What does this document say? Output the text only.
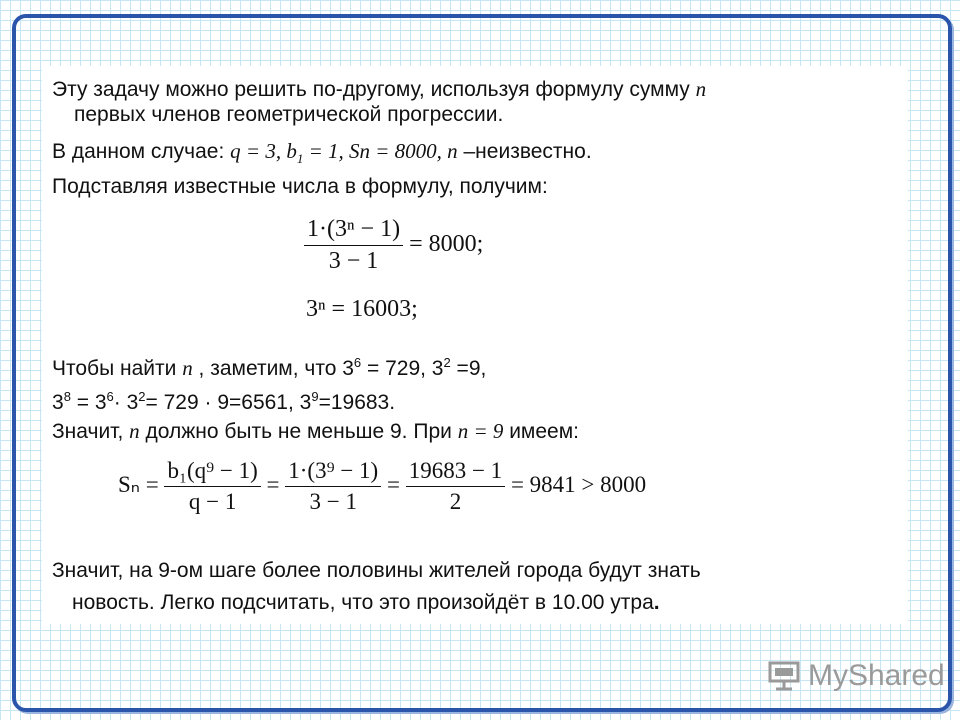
Эту задачу можно решить по-другому, используя формулу сумму n
первых членов геометрической прогрессии.
В данном случае: q = 3, $b_1 = 1$, Sn = 8000, n –неизвестно.
Подставляя известные числа в формулу, получим:
$\frac{\text{1·(3ⁿ − 1)}}{3 - 1} = 8000$;
3ⁿ = 16003;
Чтобы найти n , заметим, что $3^6 = 729$, $3^2 =9$,
$3^8 = 3^6\cdot 3^2= 729 \cdot 9=6561$, $3^9=19683$.
Значит, n должно быть не меньше 9. При n = 9 имеем:
$S_n = \frac{\text{b₁(q⁹ − 1)}}{q - 1} = \frac{\text{1·(3⁹ − 1)}}{3 - 1} = \frac{19683 - 1}{2} = 9841 > 8000$
Значит, на 9-ом шаге более половины жителей города будут знать
новость. Легко подсчитать, что это произойдёт в 10.00 утра.
MyShared
